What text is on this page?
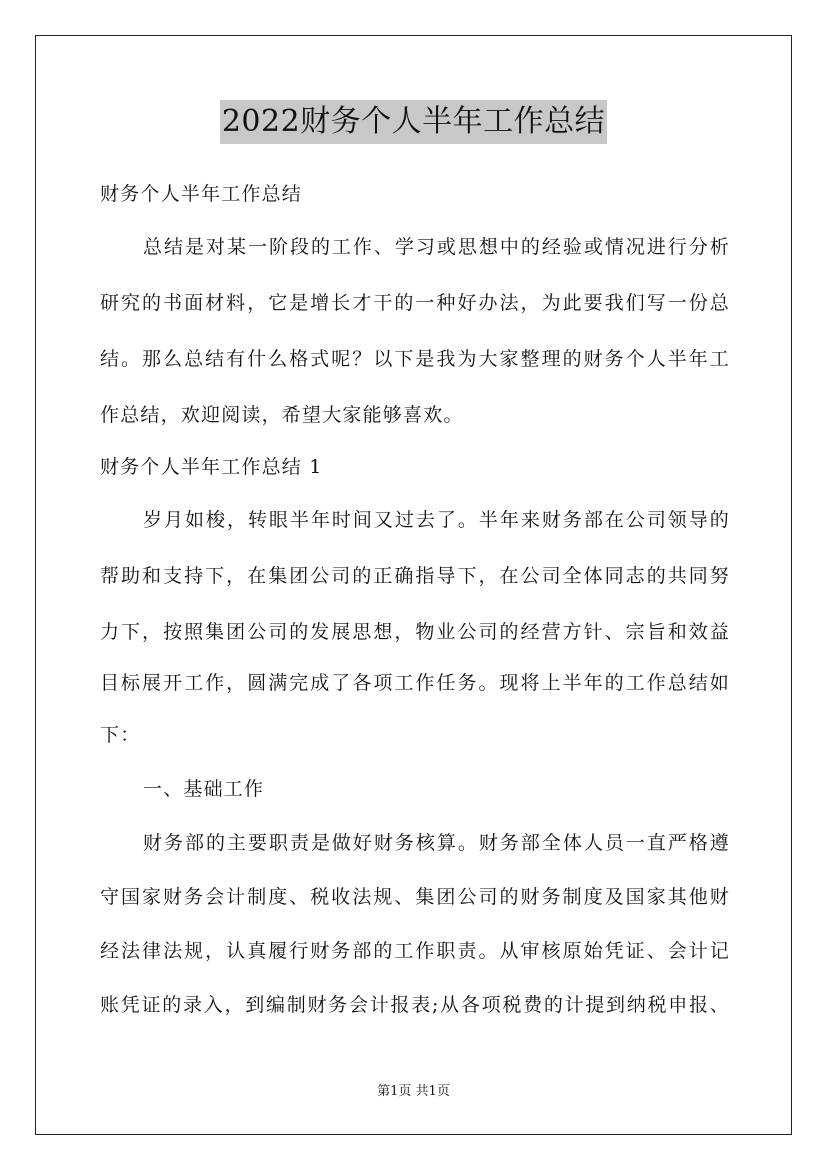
2022财务个人半年工作总结
财务个人半年工作总结
总结是对某一阶段的工作、学习或思想中的经验或情况进行分析
研究的书面材料，它是增长才干的一种好办法，为此要我们写一份总
结。那么总结有什么格式呢？以下是我为大家整理的财务个人半年工
作总结，欢迎阅读，希望大家能够喜欢。
财务个人半年工作总结 1
岁月如梭，转眼半年时间又过去了。半年来财务部在公司领导的
帮助和支持下，在集团公司的正确指导下，在公司全体同志的共同努
力下，按照集团公司的发展思想，物业公司的经营方针、宗旨和效益
目标展开工作，圆满完成了各项工作任务。现将上半年的工作总结如
下：
一、基础工作
财务部的主要职责是做好财务核算。财务部全体人员一直严格遵
守国家财务会计制度、税收法规、集团公司的财务制度及国家其他财
经法律法规，认真履行财务部的工作职责。从审核原始凭证、会计记
账凭证的录入，到编制财务会计报表;从各项税费的计提到纳税申报、
第1页 共1页
